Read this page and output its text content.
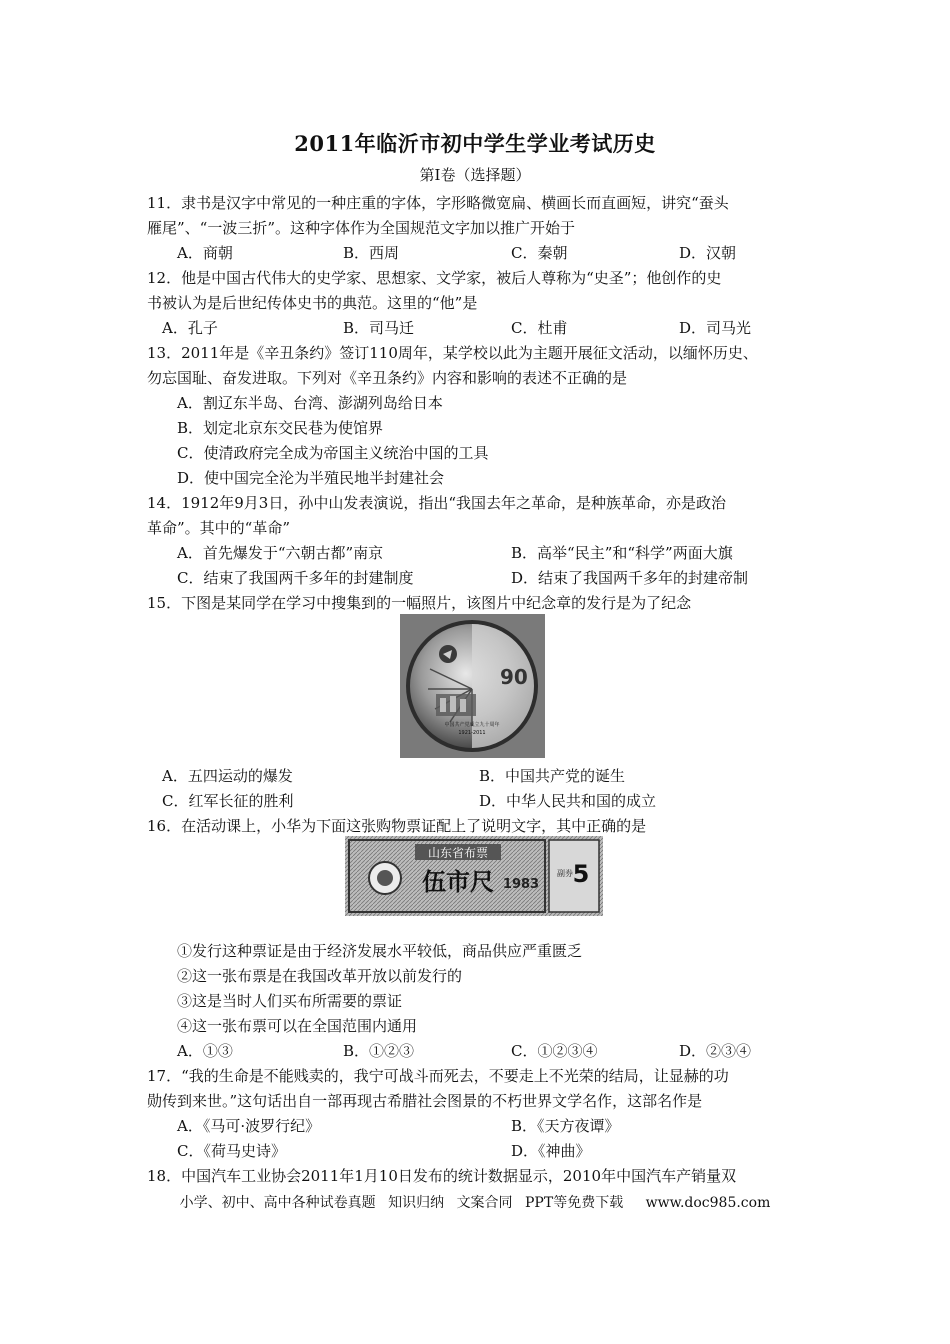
2011年临沂市初中学生学业考试历史
第Ⅰ卷（选择题）
11．隶书是汉字中常见的一种庄重的字体，字形略微宽扁、横画长而直画短，讲究“蚕头
雁尾”、“一波三折”。这种字体作为全国规范文字加以推广开始于
A．商朝	B．西周	C．秦朝	D．汉朝
12．他是中国古代伟大的史学家、思想家、文学家，被后人尊称为“史圣”；他创作的史
书被认为是后世纪传体史书的典范。这里的“他”是
A．孔子	B．司马迁	C．杜甫	D．司马光
13．2011年是《辛丑条约》签订110周年，某学校以此为主题开展征文活动，以缅怀历史、
勿忘国耻、奋发进取。下列对《辛丑条约》内容和影响的表述不正确的是
A．割辽东半岛、台湾、澎湖列岛给日本
B．划定北京东交民巷为使馆界
C．使清政府完全成为帝国主义统治中国的工具
D．使中国完全沦为半殖民地半封建社会
14．1912年9月3日，孙中山发表演说，指出“我国去年之革命，是种族革命，亦是政治
革命”。其中的“革命”
A．首先爆发于“六朝古都”南京	B．高举“民主”和“科学”两面大旗
C．结束了我国两千多年的封建制度	D．结束了我国两千多年的封建帝制
15．下图是某同学在学习中搜集到的一幅照片，该图片中纪念章的发行是为了纪念
90
中国共产党成立九十周年
1921-2011
A．五四运动的爆发	B．中国共产党的诞生
C．红军长征的胜利	D．中华人民共和国的成立
16．在活动课上，小华为下面这张购物票证配上了说明文字，其中正确的是
山东省布票
伍市尺 1983
副券 5
①发行这种票证是由于经济发展水平较低，商品供应严重匮乏
②这一张布票是在我国改革开放以前发行的
③这是当时人们买布所需要的票证
④这一张布票可以在全国范围内通用
A．①③	B．①②③	C．①②③④	D．②③④
17．“我的生命是不能贱卖的，我宁可战斗而死去，不要走上不光荣的结局，让显赫的功
勋传到来世。”这句话出自一部再现古希腊社会图景的不朽世界文学名作，这部名作是
A．《马可·波罗行纪》	B．《天方夜谭》
C．《荷马史诗》	D．《神曲》
18．中国汽车工业协会2011年1月10日发布的统计数据显示，2010年中国汽车产销量双
小学、初中、高中各种试卷真题 知识归纳 文案合同 PPT等免费下载 www.doc985.com
